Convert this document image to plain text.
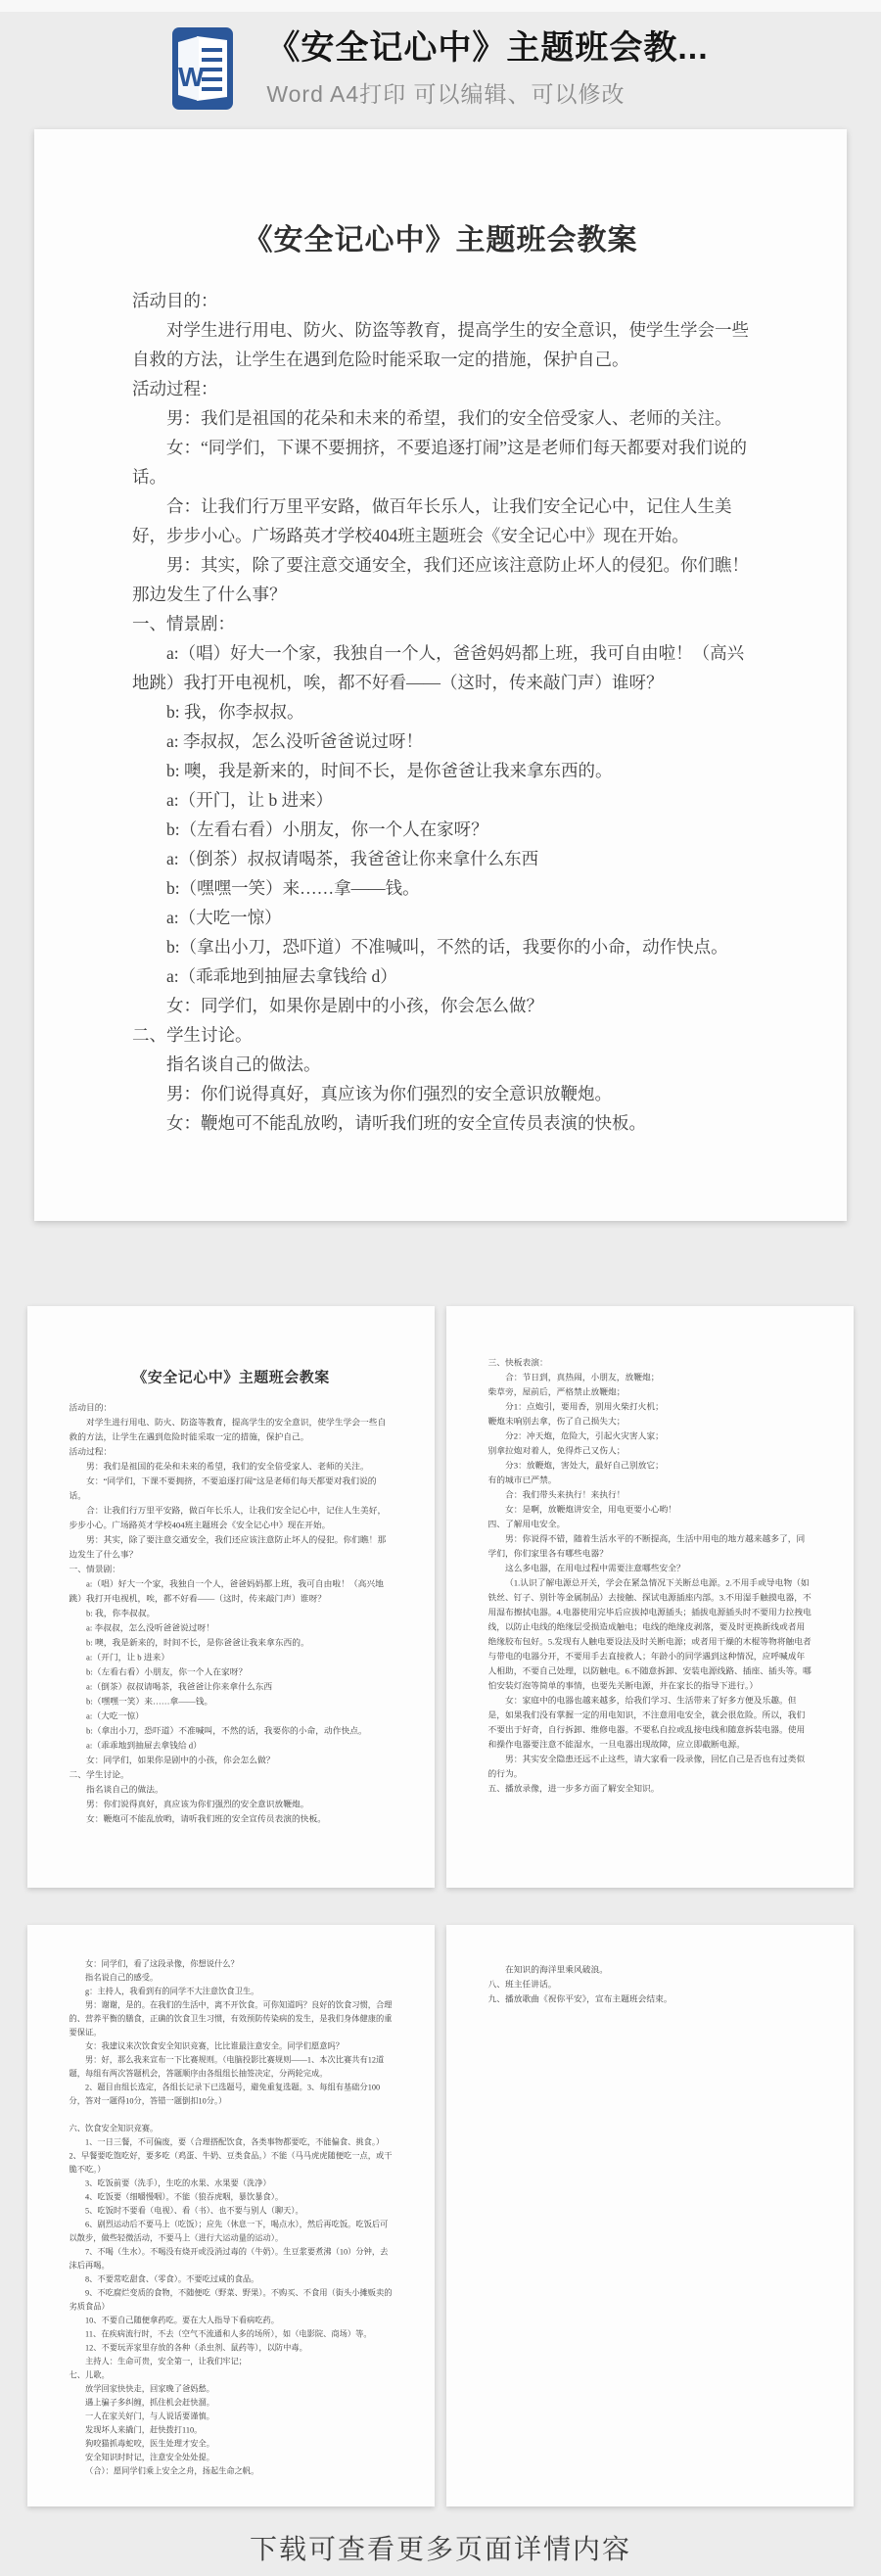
W
《安全记心中》主题班会教...
Word A4打印 可以编辑、可以修改
《安全记心中》主题班会教案

活动目的：

对学生进行用电、防火、防盗等教育，提高学生的安全意识，使学生学会一些自救的方法，让学生在遇到危险时能采取一定的措施，保护自己。

活动过程：

男：我们是祖国的花朵和未来的希望，我们的安全倍受家人、老师的关注。

女：“同学们，下课不要拥挤，不要追逐打闹”这是老师们每天都要对我们说的话。

合：让我们行万里平安路，做百年长乐人，让我们安全记心中，记住人生美好，步步小心。广场路英才学校404班主题班会《安全记心中》现在开始。

男：其实，除了要注意交通安全，我们还应该注意防止坏人的侵犯。你们瞧！那边发生了什么事？

一、情景剧：

a:（唱）好大一个家，我独自一个人，爸爸妈妈都上班，我可自由啦！（高兴地跳）我打开电视机，唉，都不好看——（这时，传来敲门声）谁呀？

b: 我，你李叔叔。

a: 李叔叔，怎么没听爸爸说过呀！

b: 噢，我是新来的，时间不长，是你爸爸让我来拿东西的。

a:（开门，让 b 进来）

b:（左看右看）小朋友，你一个人在家呀？

a:（倒茶）叔叔请喝茶，我爸爸让你来拿什么东西

b:（嘿嘿一笑）来……拿——钱。

a:（大吃一惊）

b:（拿出小刀，恐吓道）不准喊叫，不然的话，我要你的小命，动作快点。

a:（乖乖地到抽屉去拿钱给 d）

女：同学们，如果你是剧中的小孩，你会怎么做？

二、学生讨论。

指名谈自己的做法。

男：你们说得真好，真应该为你们强烈的安全意识放鞭炮。

女：鞭炮可不能乱放哟，请听我们班的安全宣传员表演的快板。

《安全记心中》主题班会教案

活动目的：

对学生进行用电、防火、防盗等教育，提高学生的安全意识，使学生学会一些自救的方法，让学生在遇到危险时能采取一定的措施，保护自己。

活动过程：

男：我们是祖国的花朵和未来的希望，我们的安全倍受家人、老师的关注。

女：“同学们，下课不要拥挤，不要追逐打闹”这是老师们每天都要对我们说的话。

合：让我们行万里平安路，做百年长乐人，让我们安全记心中，记住人生美好，步步小心。广场路英才学校404班主题班会《安全记心中》现在开始。

男：其实，除了要注意交通安全，我们还应该注意防止坏人的侵犯。你们瞧！那边发生了什么事？

一、情景剧：

a:（唱）好大一个家，我独自一个人，爸爸妈妈都上班，我可自由啦！（高兴地跳）我打开电视机，唉，都不好看——（这时，传来敲门声）谁呀？

b: 我，你李叔叔。

a: 李叔叔，怎么没听爸爸说过呀！

b: 噢，我是新来的，时间不长，是你爸爸让我来拿东西的。

a:（开门，让 b 进来）

b:（左看右看）小朋友，你一个人在家呀？

a:（倒茶）叔叔请喝茶，我爸爸让你来拿什么东西

b:（嘿嘿一笑）来……拿——钱。

a:（大吃一惊）

b:（拿出小刀，恐吓道）不准喊叫，不然的话，我要你的小命，动作快点。

a:（乖乖地到抽屉去拿钱给 d）

女：同学们，如果你是剧中的小孩，你会怎么做？

二、学生讨论。

指名谈自己的做法。

男：你们说得真好，真应该为你们强烈的安全意识放鞭炮。

女：鞭炮可不能乱放哟，请听我们班的安全宣传员表演的快板。

三、快板表演：

合：节日到，真热闹，小朋友，放鞭炮；

柴草旁，屋前后，严格禁止放鞭炮；

分1：点炮引，要用香，别用火柴打火机；

鞭炮未响别去拿，伤了自己损失大；

分2：冲天炮，危险大，引起火灾害人家；

别拿拉炮对着人，免得炸己又伤人；

分3：放鞭炮，害处大，最好自己别放它；

有的城市已严禁。

合：我们带头来执行！来执行！

女：是啊，放鞭炮讲安全，用电更要小心哟！

四、了解用电安全。

男：你说得不错，随着生活水平的不断提高，生活中用电的地方越来越多了，同学们，你们家里各有哪些电器？

这么多电器，在用电过程中需要注意哪些安全？

（1.认识了解电源总开关，学会在紧急情况下关断总电源。2.不用手或导电物（如铁丝、钉子、别针等金属制品）去接触、探试电源插座内部。3.不用湿手触摸电器，不用湿布擦拭电器。4.电器使用完毕后应拔掉电源插头；插拔电源插头时不要用力拉拽电线，以防止电线的绝缘层受损造成触电；电线的绝缘皮剥落，要及时更换新线或者用绝缘胶布包好。5.发现有人触电要设法及时关断电源；或者用干燥的木棍等物将触电者与带电的电器分开，不要用手去直接救人；年龄小的同学遇到这种情况，应呼喊成年人相助，不要自己处理，以防触电。6.不随意拆卸、安装电源线路、插座、插头等。哪怕安装灯泡等简单的事情，也要先关断电源，并在家长的指导下进行。）

女：家庭中的电器也越来越多，给我们学习、生活带来了好多方便及乐趣。但是，如果我们没有掌握一定的用电知识，不注意用电安全，就会很危险。所以，我们不要出于好奇，自行拆卸、维修电器。不要私自拉或乱接电线和随意拆装电器。使用和操作电器要注意不能湿水，一旦电器出现故障，应立即截断电源。

男：其实安全隐患还远不止这些，请大家看一段录像，回忆自己是否也有过类似的行为。

五、播放录像，进一步多方面了解安全知识。

女：同学们，看了这段录像，你想说什么？

指名说自己的感受。

g：主持人，我看到有的同学不大注意饮食卫生。

男：谢谢，是的。在我们的生活中，离不开饮食。可你知道吗？良好的饮食习惯，合理的、营养平衡的膳食，正确的饮食卫生习惯，有效预防传染病的发生，是我们身体健康的重要保证。

女：我建议来次饮食安全知识竞赛，比比谁最注意安全。同学们愿意吗？

男：好，那么我来宣布一下比赛规则。（电脑投影比赛规则——1、本次比赛共有12道题，每组有两次答题机会，答题顺序由各组组长抽签决定，分两轮完成。

2、题目由组长选定，各组长记录下已选题号，避免重复选题。3、每组有基础分100分，答对一题得10分，答错一题倒扣10分。）

六、饮食安全知识竞赛。

1、一日三餐，不可偏废，要（合理搭配饮食，各类事物都要吃，不能偏食、挑食。）

2、早餐要吃饱吃好，要多吃（鸡蛋、牛奶、豆类食品。）不能（马马虎虎随便吃一点，或干脆不吃。）

3、吃饭前要（洗手），生吃的水果、水果要（洗净）

4、吃饭要（细嚼慢咽）。不能（狼吞虎咽，暴饮暴食）。

5、吃饭时不要看（电视）、看（书）、也不要与别人（聊天）。

6、剧烈运动后不要马上（吃饭）；应先（休息一下，喝点水），然后再吃饭。吃饭后可以散步，做些轻微活动，不要马上（进行大运动量的运动）。

7、不喝（生水）。不喝没有烧开或没消过毒的（牛奶）。生豆浆要煮沸（10）分钟，去沫后再喝。

8、不要常吃甜食、（零食）。不要吃过咸的食品。

9、不吃腐烂变质的食物，不随便吃（野菜、野果）。不购买、不食用（街头小摊贩卖的劣质食品）

10、不要自己随便拿药吃。要在大人指导下看病吃药。

11、在疾病流行时，不去（空气不流通和人多的场所），如（电影院、商场）等。

12、不要玩弄家里存放的各种（杀虫剂、鼠药等），以防中毒。

主持人：生命可贵，安全第一，让我们牢记；

七、儿歌。

放学回家快快走，回家晚了爸妈愁。

遇上骗子多纠缠，抓住机会赶快溜。

一人在家关好门，与人说话要谨慎。

发现坏人来撬门，赶快拨打110。

狗咬猫抓毒蛇咬，医生处理才安全。

安全知识时时记，注意安全处处提。

（合）：愿同学们乘上安全之舟，扬起生命之帆。

在知识的海洋里乘风破浪。

八、班主任讲话。

九、播放歌曲《祝你平安》，宣布主题班会结束。

下载可查看更多页面详情内容
